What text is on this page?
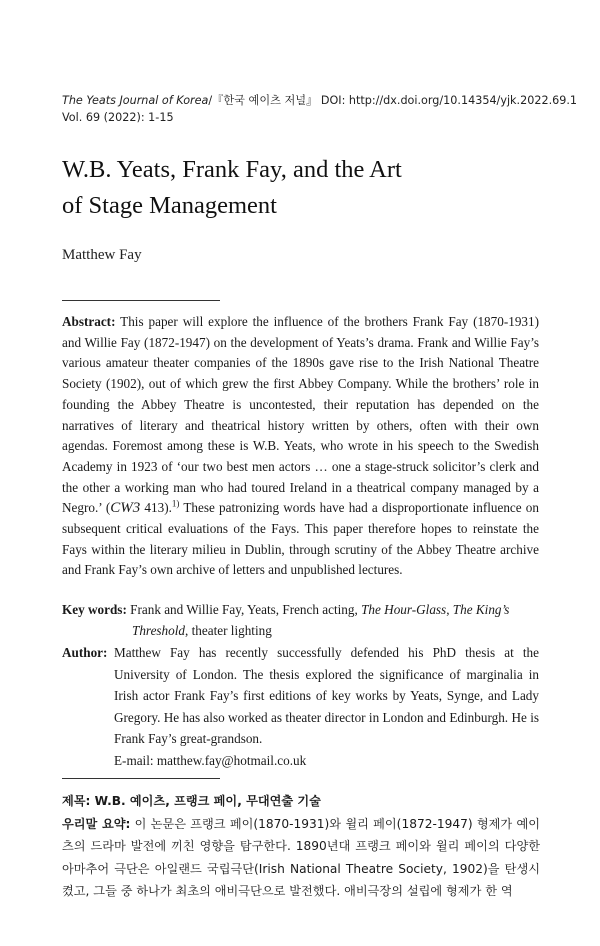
The Yeats Journal of Korea/『한국 예이츠 저널』 DOI: http://dx.doi.org/10.14354/yjk.2022.69.1
Vol. 69 (2022): 1-15
W.B. Yeats, Frank Fay, and the Art
of Stage Management
Matthew Fay
Abstract: This paper will explore the influence of the brothers Frank Fay (1870-1931) and Willie Fay (1872-1947) on the development of Yeats’s drama. Frank and Willie Fay’s various amateur theater companies of the 1890s gave rise to the Irish National Theatre Society (1902), out of which grew the first Abbey Company. While the brothers’ role in founding the Abbey Theatre is uncontested, their reputation has depended on the narratives of literary and theatrical history written by others, often with their own agendas. Foremost among these is W.B. Yeats, who wrote in his speech to the Swedish Academy in 1923 of ‘our two best men actors … one a stage-struck solicitor’s clerk and the other a working man who had toured Ireland in a theatrical company managed by a Negro.’ (CW3 413).$^{1)}$ These patronizing words have had a disproportionate influence on subsequent critical evaluations of the Fays. This paper therefore hopes to reinstate the Fays within the literary milieu in Dublin, through scrutiny of the Abbey Theatre archive and Frank Fay’s own archive of letters and unpublished lectures.
Key words: Frank and Willie Fay, Yeats, French acting, The Hour-Glass, The King’s
Threshold, theater lighting
Author: Matthew Fay has recently successfully defended his PhD thesis at the University of London. The thesis explored the significance of marginalia in Irish actor Frank Fay’s first editions of key works by Yeats, Synge, and Lady Gregory. He has also worked as theater director in London and Edinburgh. He is Frank Fay’s great-grandson.
E-mail: matthew.fay@hotmail.co.uk
제목: W.B. 예이츠, 프랭크 페이, 무대연출 기술
우리말 요약: 이 논문은 프랭크 페이(1870-1931)와 윌리 페이(1872-1947) 형제가 예이츠의 드라마 발전에 끼친 영향을 탐구한다. 1890년대 프랭크 페이와 윌리 페이의 다양한 아마추어 극단은 아일랜드 국립극단(Irish National Theatre Society, 1902)을 탄생시켰고, 그들 중 하나가 최초의 애비극단으로 발전했다. 애비극장의 설립에 형제가 한 역
